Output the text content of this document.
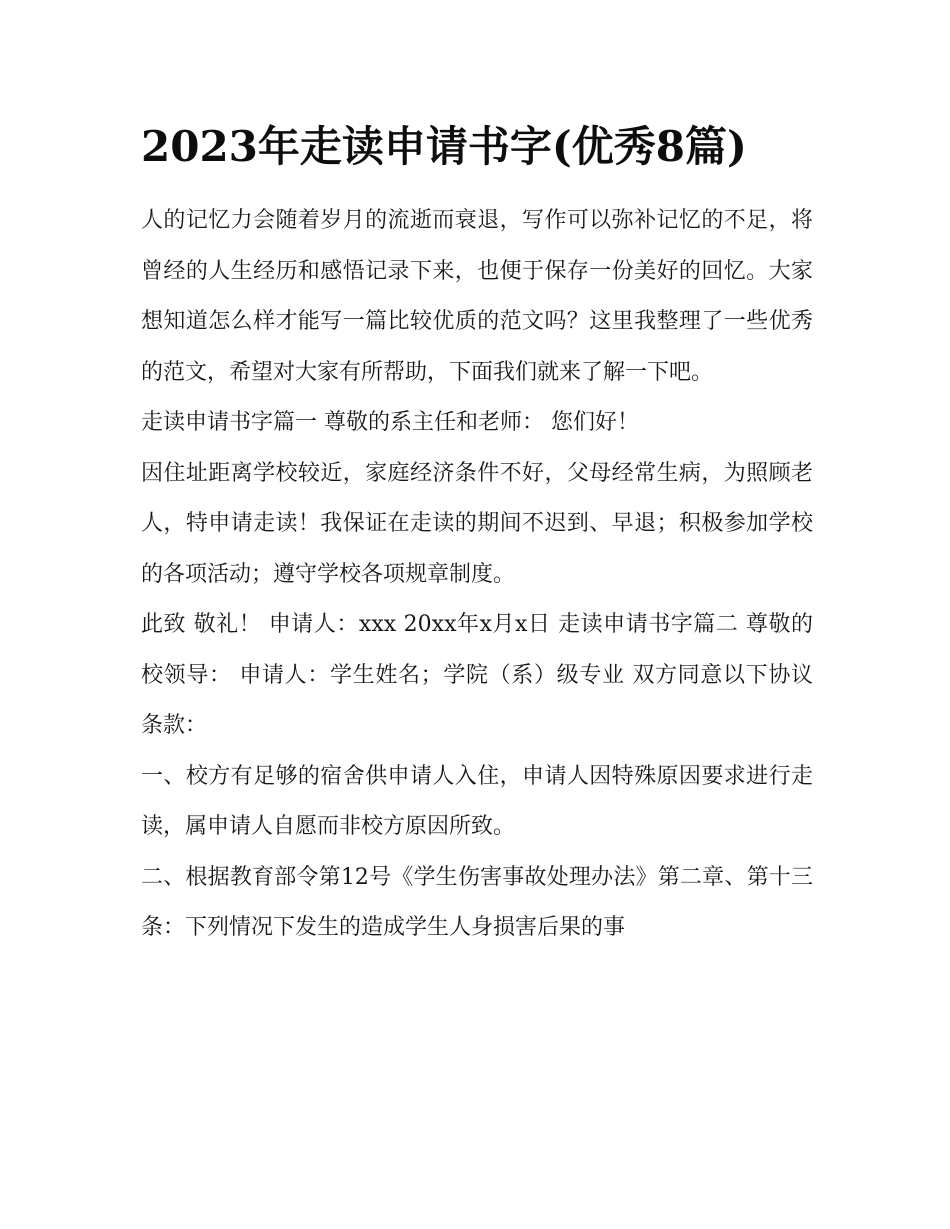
2023年走读申请书字(优秀8篇)

人的记忆力会随着岁月的流逝而衰退，写作可以弥补记忆的不足，将曾经的人生经历和感悟记录下来，也便于保存一份美好的回忆。大家想知道怎么样才能写一篇比较优质的范文吗？这里我整理了一些优秀的范文，希望对大家有所帮助，下面我们就来了解一下吧。

走读申请书字篇一 尊敬的系主任和老师： 您们好！

因住址距离学校较近，家庭经济条件不好，父母经常生病，为照顾老人，特申请走读！我保证在走读的期间不迟到、早退；积极参加学校的各项活动；遵守学校各项规章制度。

此致 敬礼！ 申请人：xxx 20xx年x月x日 走读申请书字篇二 尊敬的校领导： 申请人：学生姓名；学院（系）级专业 双方同意以下协议条款：

一、校方有足够的宿舍供申请人入住，申请人因特殊原因要求进行走读，属申请人自愿而非校方原因所致。

二、根据教育部令第12号《学生伤害事故处理办法》第二章、第十三条：下列情况下发生的造成学生人身损害后果的事
